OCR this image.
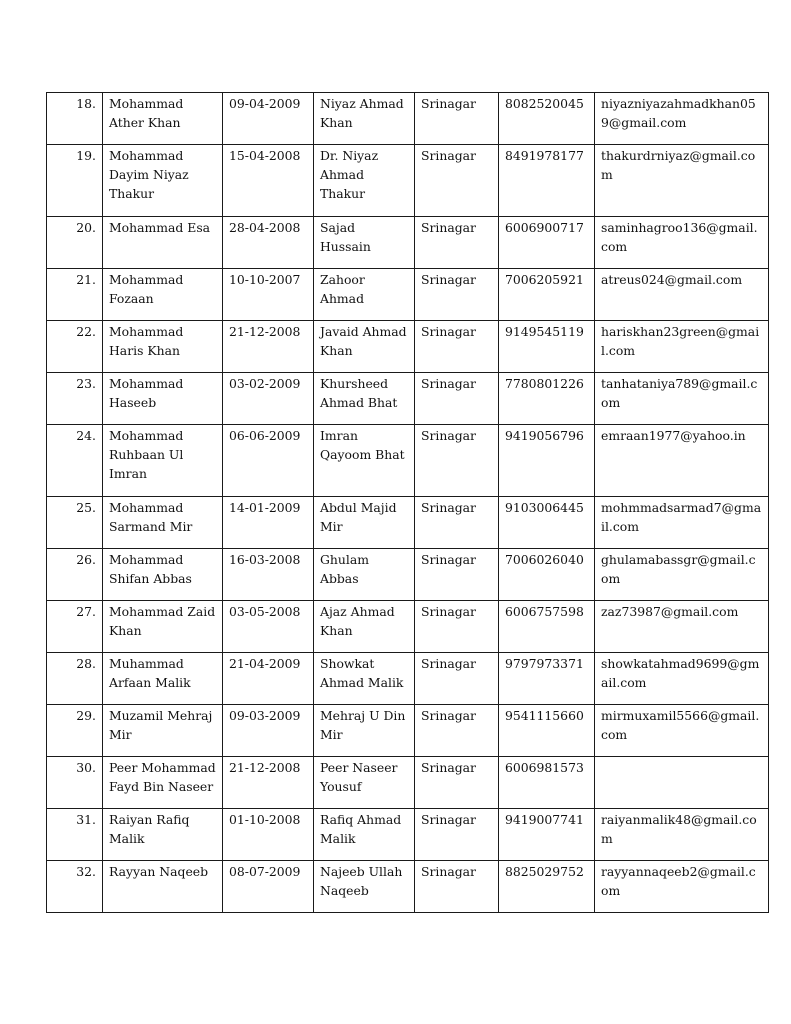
18.	Mohammad Ather Khan	09-04-2009	Niyaz Ahmad Khan	Srinagar	8082520045	niyazniyazahmadkhan059@gmail.com
19.	Mohammad Dayim Niyaz Thakur	15-04-2008	Dr. Niyaz Ahmad Thakur	Srinagar	8491978177	thakurdrniyaz@gmail.com
20.	Mohammad Esa	28-04-2008	Sajad Hussain	Srinagar	6006900717	saminhagroo136@gmail.com
21.	Mohammad Fozaan	10-10-2007	Zahoor Ahmad	Srinagar	7006205921	atreus024@gmail.com
22.	Mohammad Haris Khan	21-12-2008	Javaid Ahmad Khan	Srinagar	9149545119	hariskhan23green@gmail.com
23.	Mohammad Haseeb	03-02-2009	Khursheed Ahmad Bhat	Srinagar	7780801226	tanhataniya789@gmail.com
24.	Mohammad Ruhbaan Ul Imran	06-06-2009	Imran Qayoom Bhat	Srinagar	9419056796	emraan1977@yahoo.in
25.	Mohammad Sarmand Mir	14-01-2009	Abdul Majid Mir	Srinagar	9103006445	mohmmadsarmad7@gmail.com
26.	Mohammad Shifan Abbas	16-03-2008	Ghulam Abbas	Srinagar	7006026040	ghulamabassgr@gmail.com
27.	Mohammad Zaid Khan	03-05-2008	Ajaz Ahmad Khan	Srinagar	6006757598	zaz73987@gmail.com
28.	Muhammad Arfaan Malik	21-04-2009	Showkat Ahmad Malik	Srinagar	9797973371	showkatahmad9699@gmail.com
29.	Muzamil Mehraj Mir	09-03-2009	Mehraj U Din Mir	Srinagar	9541115660	mirmuxamil5566@gmail.com
30.	Peer Mohammad Fayd Bin Naseer	21-12-2008	Peer Naseer Yousuf	Srinagar	6006981573	
31.	Raiyan Rafiq Malik	01-10-2008	Rafiq Ahmad Malik	Srinagar	9419007741	raiyanmalik48@gmail.com
32.	Rayyan Naqeeb	08-07-2009	Najeeb Ullah Naqeeb	Srinagar	8825029752	rayyannaqeeb2@gmail.com
